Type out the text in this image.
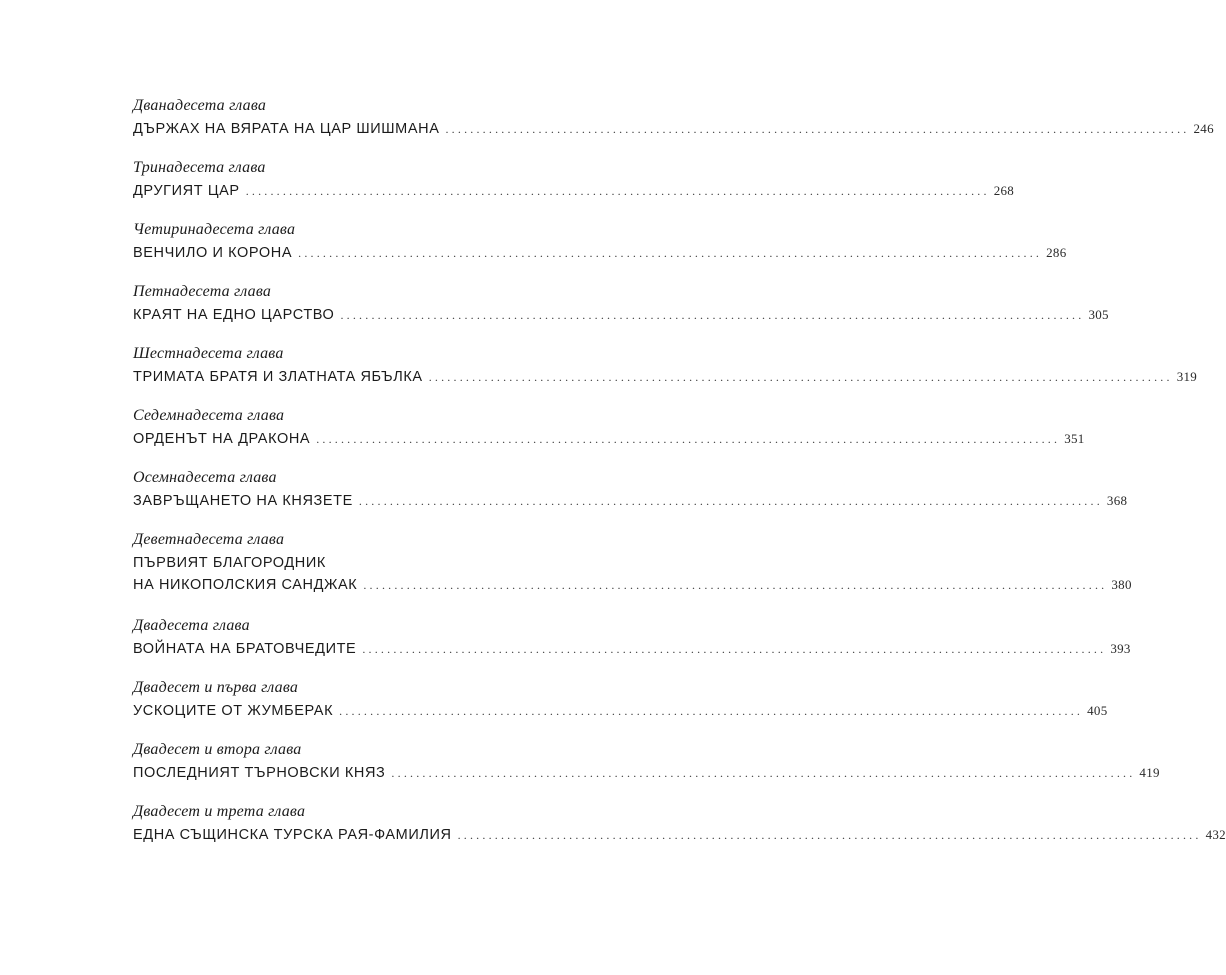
Дванадесета глава
ДЪРЖАХ НА ВЯРАТА НА ЦАР ШИШМАНА ........................................................................................................................ 246
Тринадесета глава
ДРУГИЯТ ЦАР ........................................................................................................................ 268
Четиринадесета глава
ВЕНЧИЛО И КОРОНА ........................................................................................................................ 286
Петнадесета глава
КРАЯТ НА ЕДНО ЦАРСТВО ........................................................................................................................ 305
Шестнадесета глава
ТРИМАТА БРАТЯ И ЗЛАТНАТА ЯБЪЛКА ........................................................................................................................ 319
Седемнадесета глава
ОРДЕНЪТ НА ДРАКОНА ........................................................................................................................ 351
Осемнадесета глава
ЗАВРЪЩАНЕТО НА КНЯЗЕТЕ ........................................................................................................................ 368
Деветнадесета глава
ПЪРВИЯТ БЛАГОРОДНИК
НА НИКОПОЛСКИЯ САНДЖАК ........................................................................................................................ 380
Двадесета глава
ВОЙНАТА НА БРАТОВЧЕДИТЕ ........................................................................................................................ 393
Двадесет и първа глава
УСКОЦИТЕ ОТ ЖУМБЕРАК ........................................................................................................................ 405
Двадесет и втора глава
ПОСЛЕДНИЯТ ТЪРНОВСКИ КНЯЗ ........................................................................................................................ 419
Двадесет и трета глава
ЕДНА СЪЩИНСКА ТУРСКА РАЯ-ФАМИЛИЯ ........................................................................................................................ 432
